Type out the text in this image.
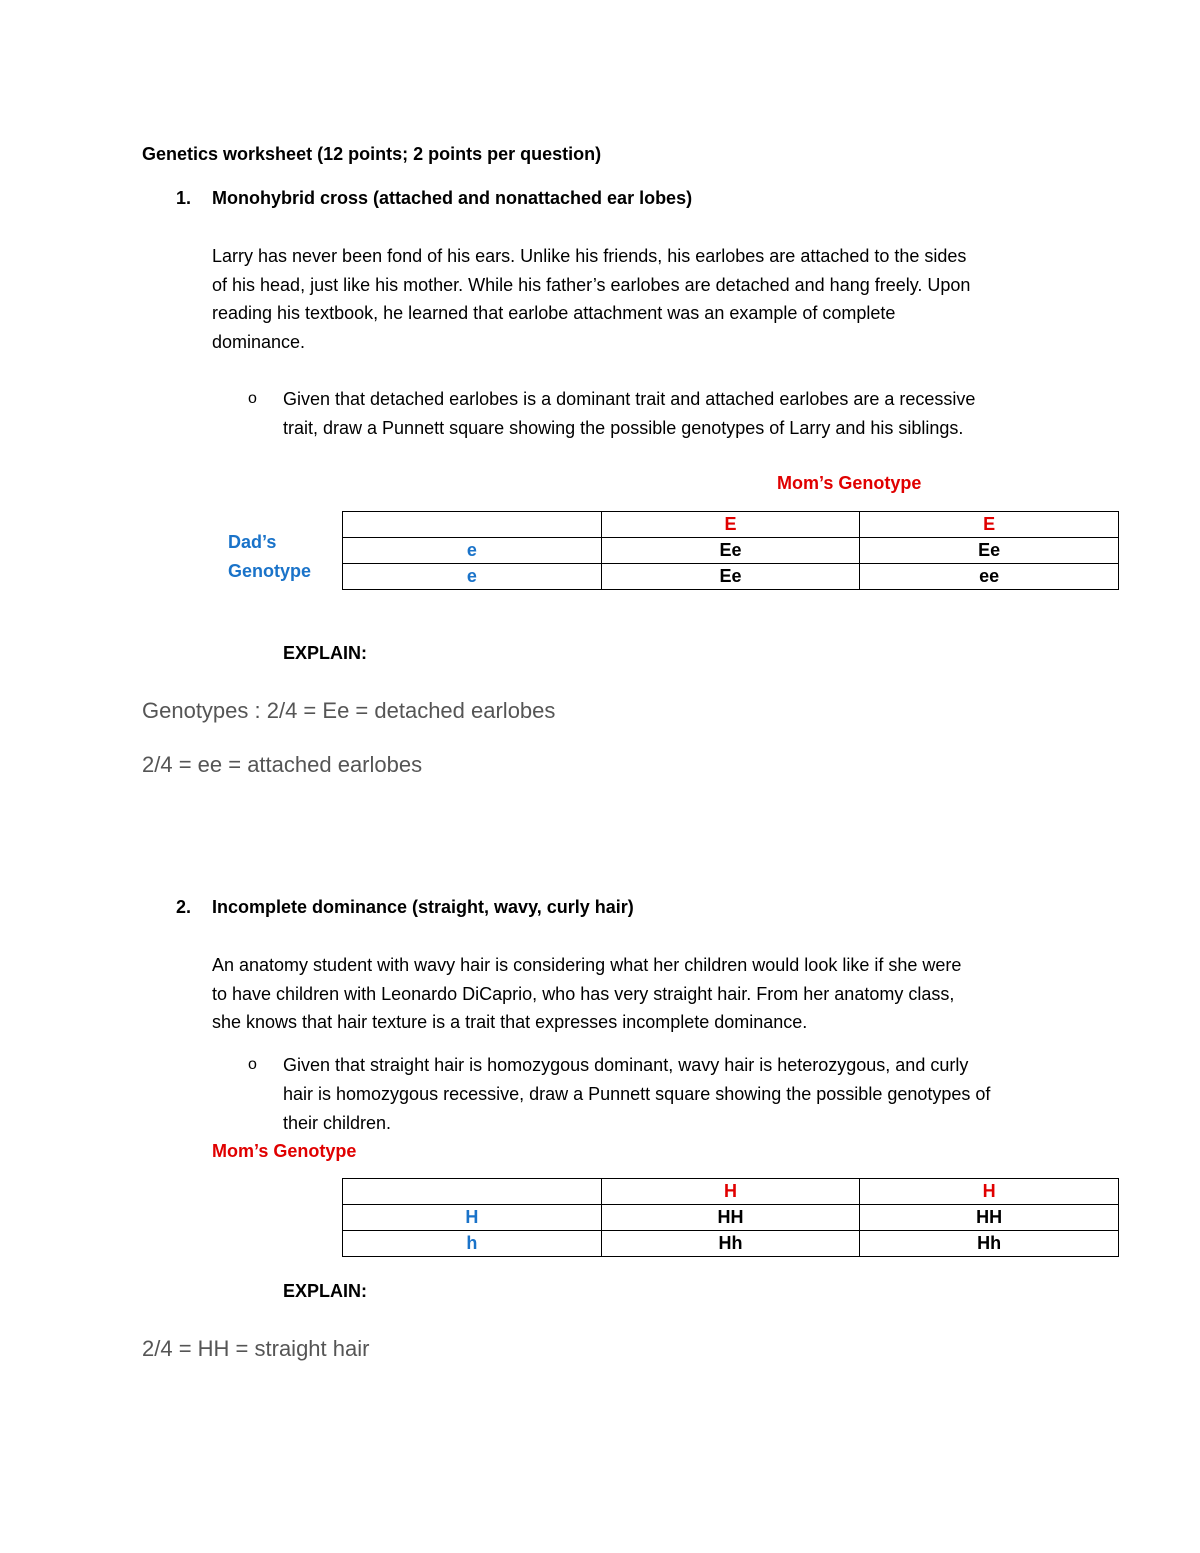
Genetics worksheet (12 points; 2 points per question)
1. Monohybrid cross (attached and nonattached ear lobes)
Larry has never been fond of his ears. Unlike his friends, his earlobes are attached to the sides
of his head, just like his mother. While his father’s earlobes are detached and hang freely. Upon
reading his textbook, he learned that earlobe attachment was an example of complete
dominance.
o Given that detached earlobes is a dominant trait and attached earlobes are a recessive
trait, draw a Punnett square showing the possible genotypes of Larry and his siblings.
Mom’s Genotype
Dad’s
Genotype
	E	E
e	Ee	Ee
e	Ee	ee
EXPLAIN:
Genotypes : 2/4 = Ee = detached earlobes
2/4 = ee = attached earlobes
2. Incomplete dominance (straight, wavy, curly hair)
An anatomy student with wavy hair is considering what her children would look like if she were
to have children with Leonardo DiCaprio, who has very straight hair. From her anatomy class,
she knows that hair texture is a trait that expresses incomplete dominance.
o Given that straight hair is homozygous dominant, wavy hair is heterozygous, and curly
hair is homozygous recessive, draw a Punnett square showing the possible genotypes of
their children.
Mom’s Genotype
	H	H
H	HH	HH
h	Hh	Hh
EXPLAIN:
2/4 = HH = straight hair
